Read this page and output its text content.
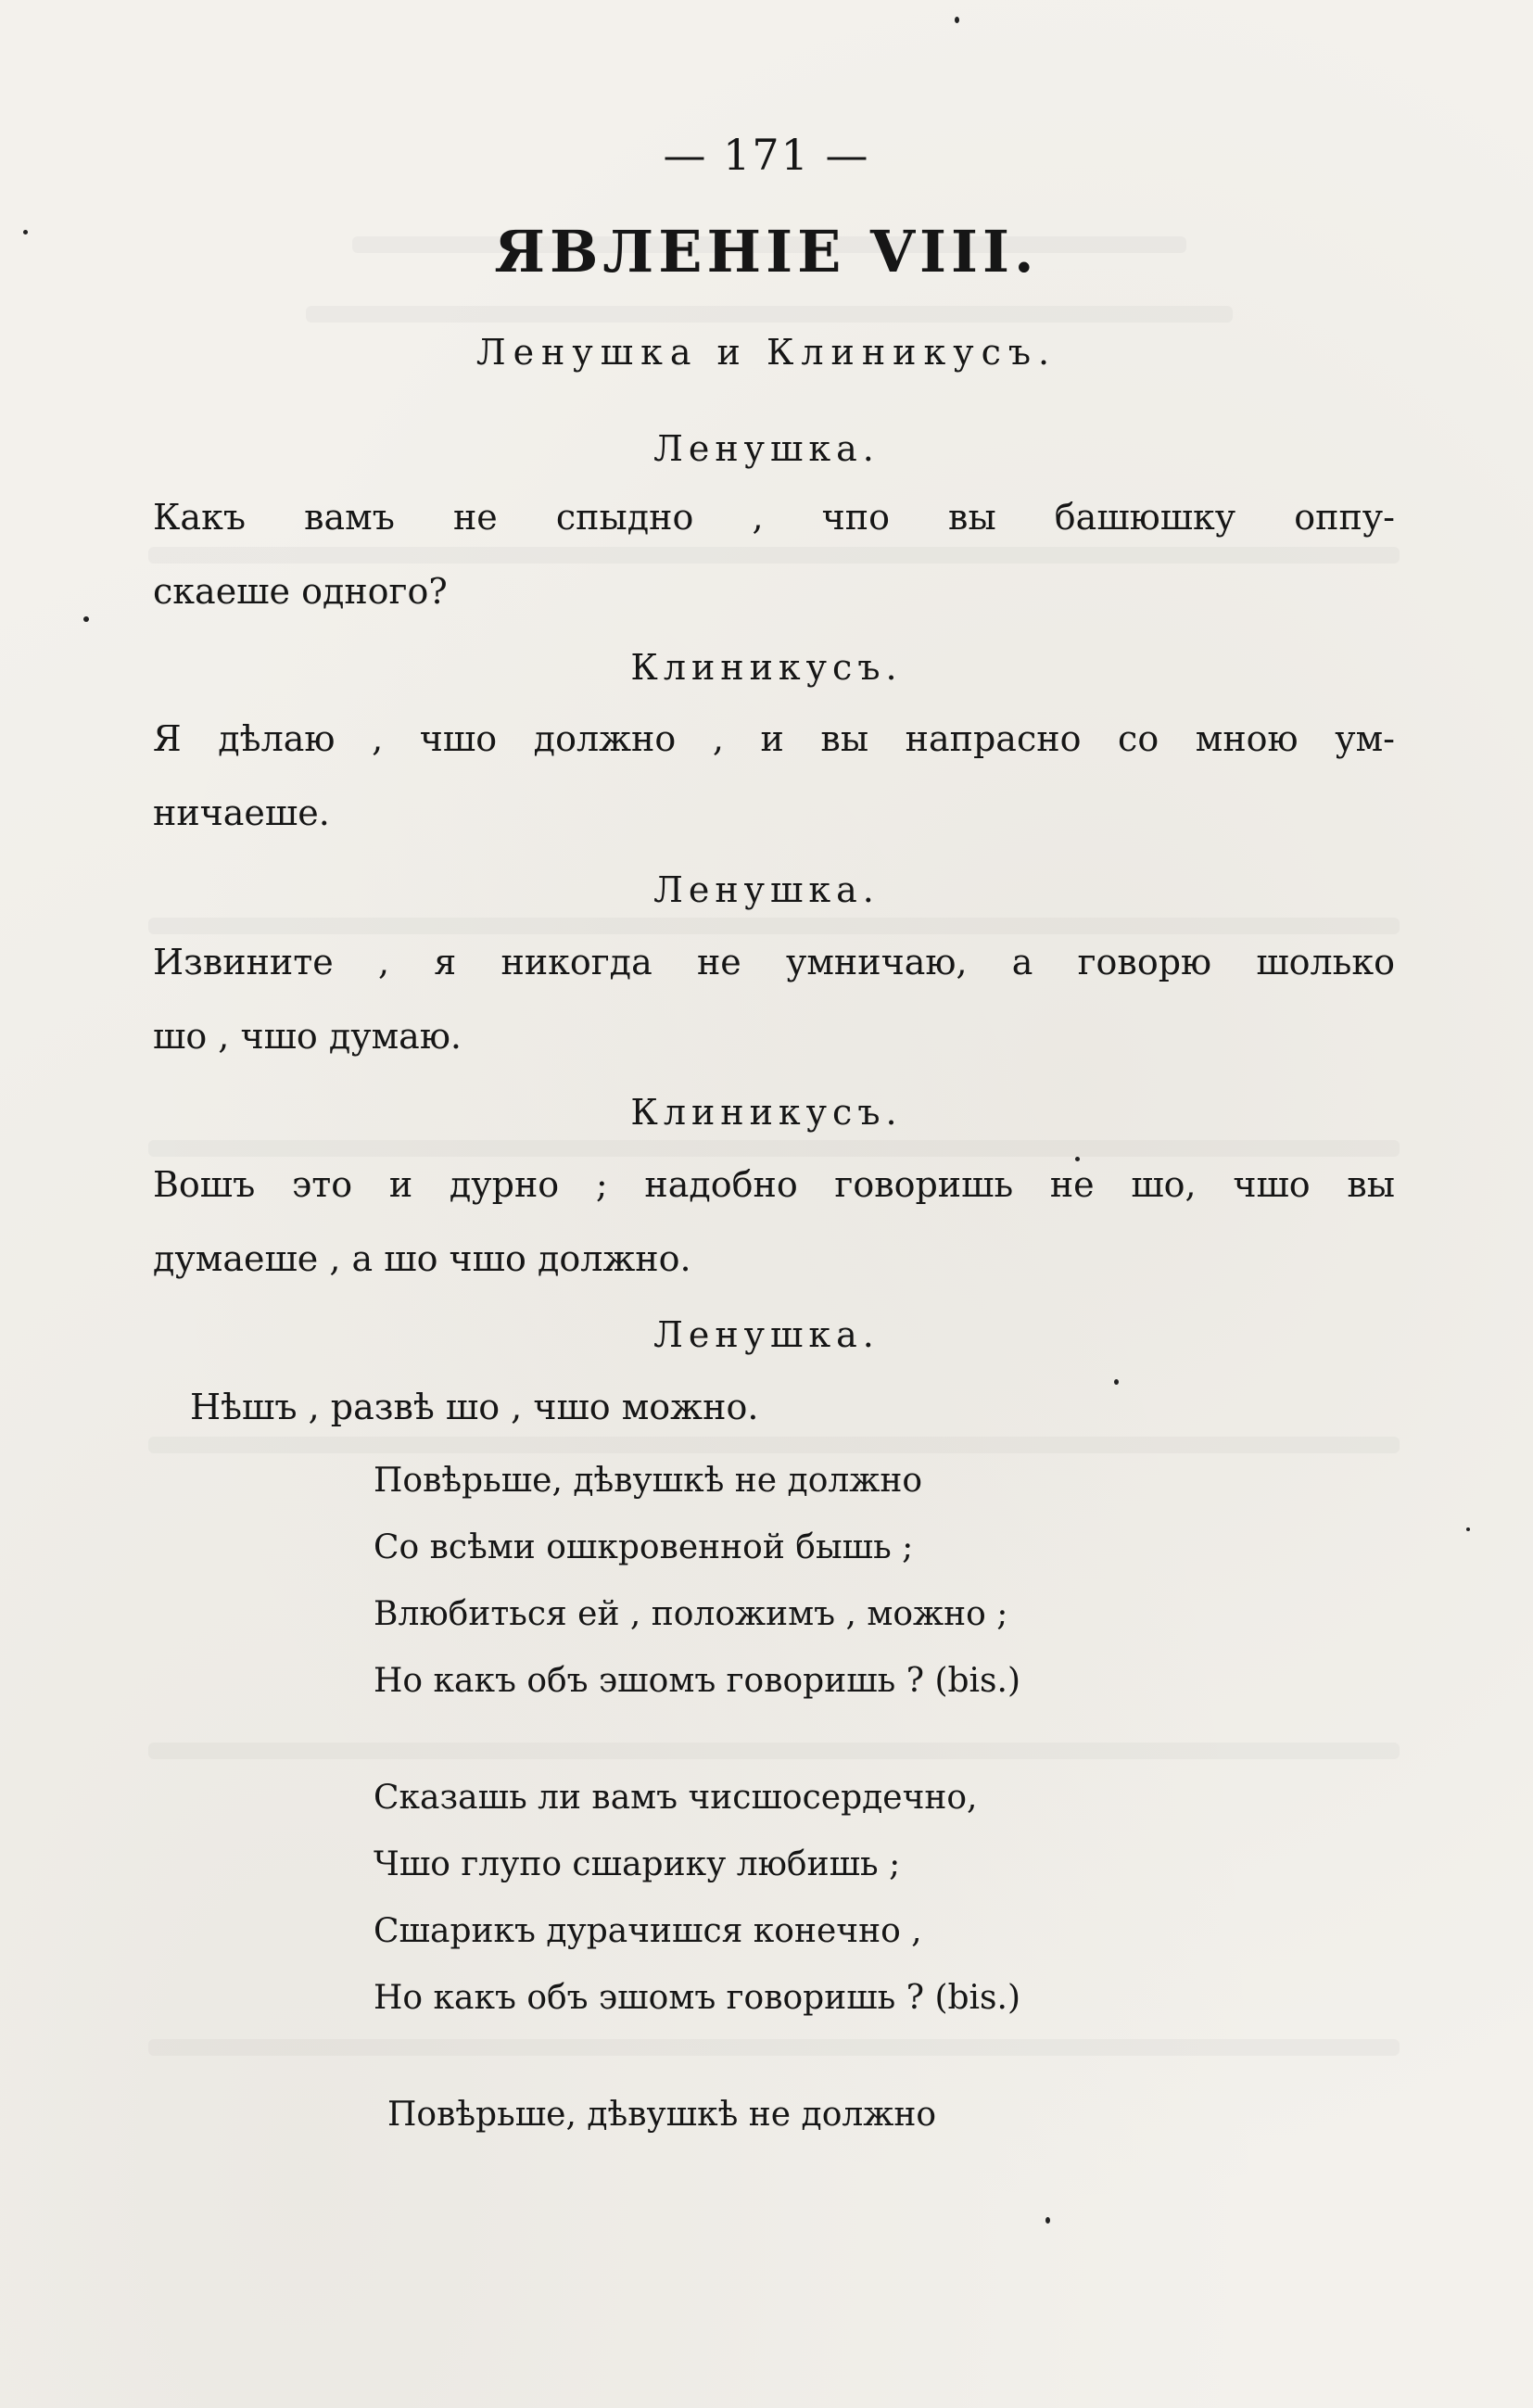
— 171 —
ЯВЛЕНІЕ VIII.
Ленушка и Клиникусъ.
Ленушка.
Какъ вамъ не спыдно , чпо вы башюшку оппу-
скаеше одного?
Клиникусъ.
Я дѣлаю , чшо должно , и вы напрасно со мною ум-
ничаеше.
Ленушка.
Извините , я никогда не умничаю, а говорю шолько
шо , чшо думаю.
Клиникусъ.
Вошъ это и дурно ; надобно говоришь не шо, чшо вы
думаеше , а шо чшо должно.
Ленушка.
Нѣшъ , развѣ шо , чшо можно.
Повѣрьше, дѣвушкѣ не должно
Со всѣми ошкровенной бышь ;
Влюбиться ей , положимъ , можно ;
Но какъ объ эшомъ говоришь ? (bis.)
Сказашь ли вамъ чисшосердечно,
Чшо глупо сшарику любишь ;
Сшарикъ дурачишся конечно ,
Но какъ объ эшомъ говоришь ? (bis.)
Повѣрьше, дѣвушкѣ не должно
